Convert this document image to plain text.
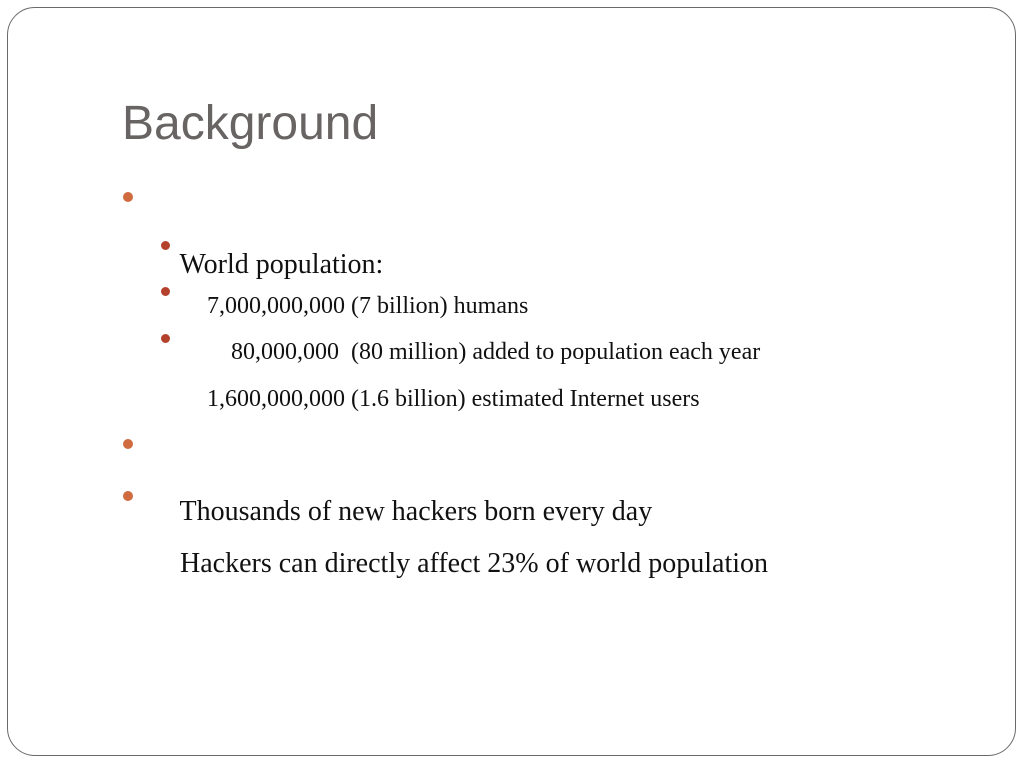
Background

World population:

7,000,000,000 (7 billion) humans

80,000,000  (80 million) added to population each year

1,600,000,000 (1.6 billion) estimated Internet users

Thousands of new hackers born every day

Hackers can directly affect 23% of world population
